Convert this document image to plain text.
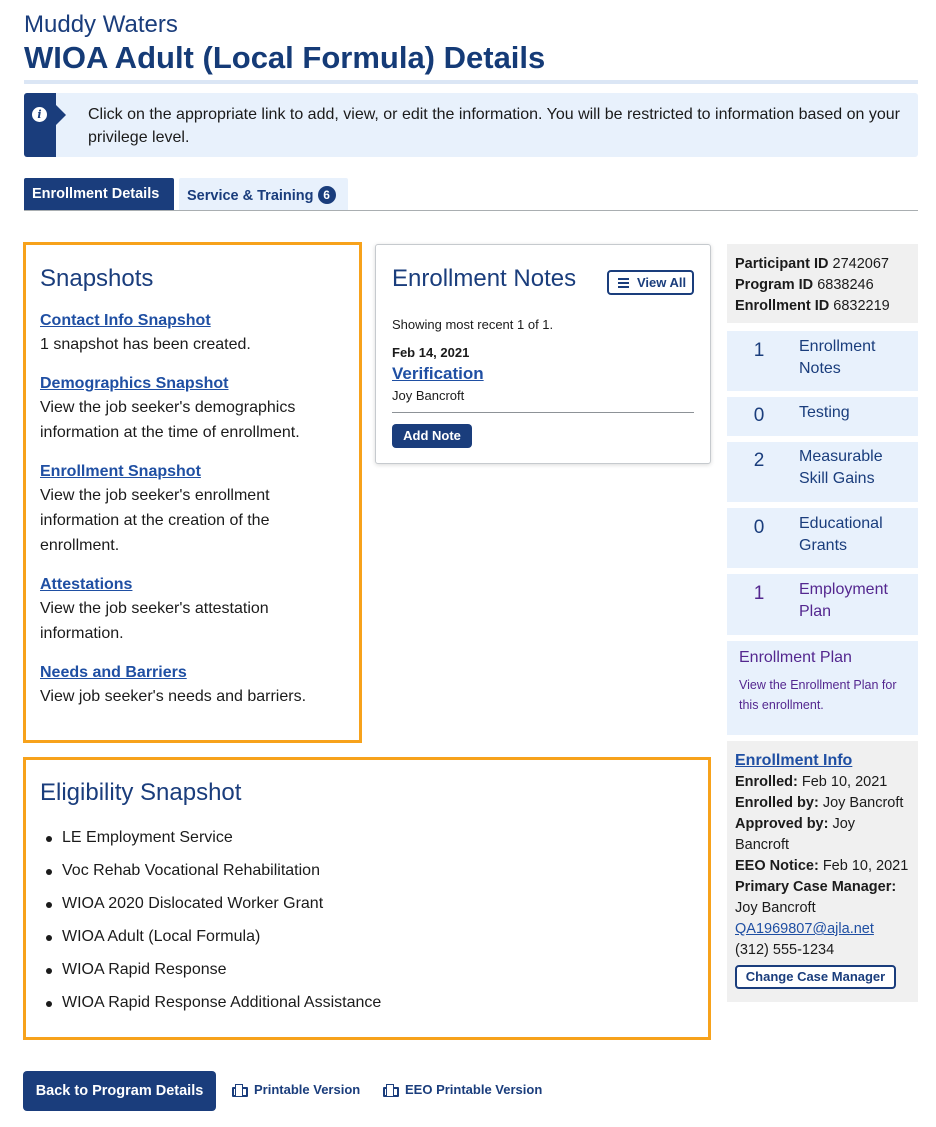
Muddy Waters
WIOA Adult (Local Formula) Details
i	Click on the appropriate link to add, view, or edit the information. You will be restricted to information based on your privilege level.
Enrollment Details	Service & Training 6
Snapshots
Contact Info Snapshot
1 snapshot has been created.
Demographics Snapshot
View the job seeker's demographics information at the time of enrollment.
Enrollment Snapshot
View the job seeker's enrollment information at the creation of the enrollment.
Attestations
View the job seeker's attestation information.
Needs and Barriers
View job seeker's needs and barriers.
Eligibility Snapshot
LE Employment Service
Voc Rehab Vocational Rehabilitation
WIOA 2020 Dislocated Worker Grant
WIOA Adult (Local Formula)
WIOA Rapid Response
WIOA Rapid Response Additional Assistance
Enrollment Notes	View All
Showing most recent 1 of 1.
Feb 14, 2021
Verification
Joy Bancroft
Add Note
Participant ID 2742067
Program ID 6838246
Enrollment ID 6832219
1	Enrollment Notes
0	Testing
2	Measurable Skill Gains
0	Educational Grants
1	Employment Plan
Enrollment Plan
View the Enrollment Plan for this enrollment.
Enrollment Info
Enrolled: Feb 10, 2021
Enrolled by: Joy Bancroft
Approved by: Joy Bancroft
EEO Notice: Feb 10, 2021
Primary Case Manager:
Joy Bancroft
QA1969807@ajla.net
(312) 555-1234
Change Case Manager
Back to Program Details	Printable Version	EEO Printable Version
